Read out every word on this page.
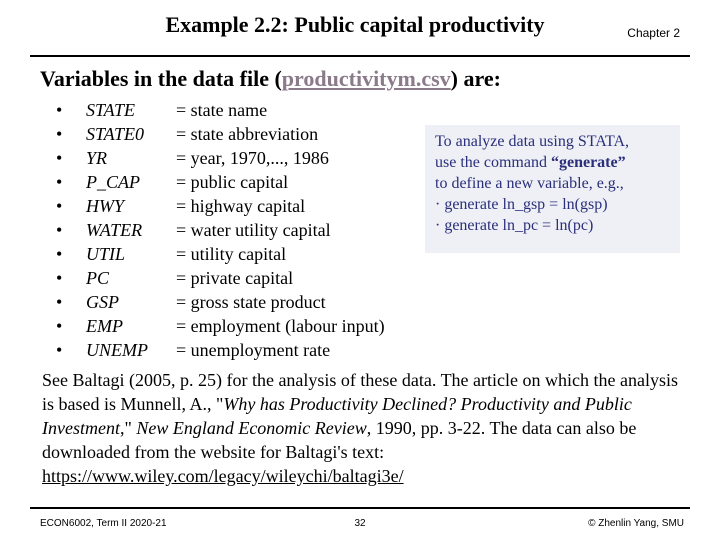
Example 2.2: Public capital productivity	Chapter 2
Variables in the data file (productivitym.csv) are:
• STATE	= state name
• STATE0	= state abbreviation
• YR	= year, 1970,..., 1986
• P_CAP	= public capital
• HWY	= highway capital
• WATER	= water utility capital
• UTIL	= utility capital
• PC	= private capital
• GSP	= gross state product
• EMP	= employment (labour input)
• UNEMP	= unemployment rate
To analyze data using STATA,
use the command “generate”
to define a new variable, e.g.,
· generate ln_gsp = ln(gsp)
· generate ln_pc = ln(pc)
See Baltagi (2005, p. 25) for the analysis of these data. The article on which the analysis is based is Munnell, A., "Why has Productivity Declined? Productivity and Public Investment," New England Economic Review, 1990, pp. 3-22. The data can also be downloaded from the website for Baltagi's text: https://www.wiley.com/legacy/wileychi/baltagi3e/
ECON6002, Term II 2020-21	32	© Zhenlin Yang, SMU
